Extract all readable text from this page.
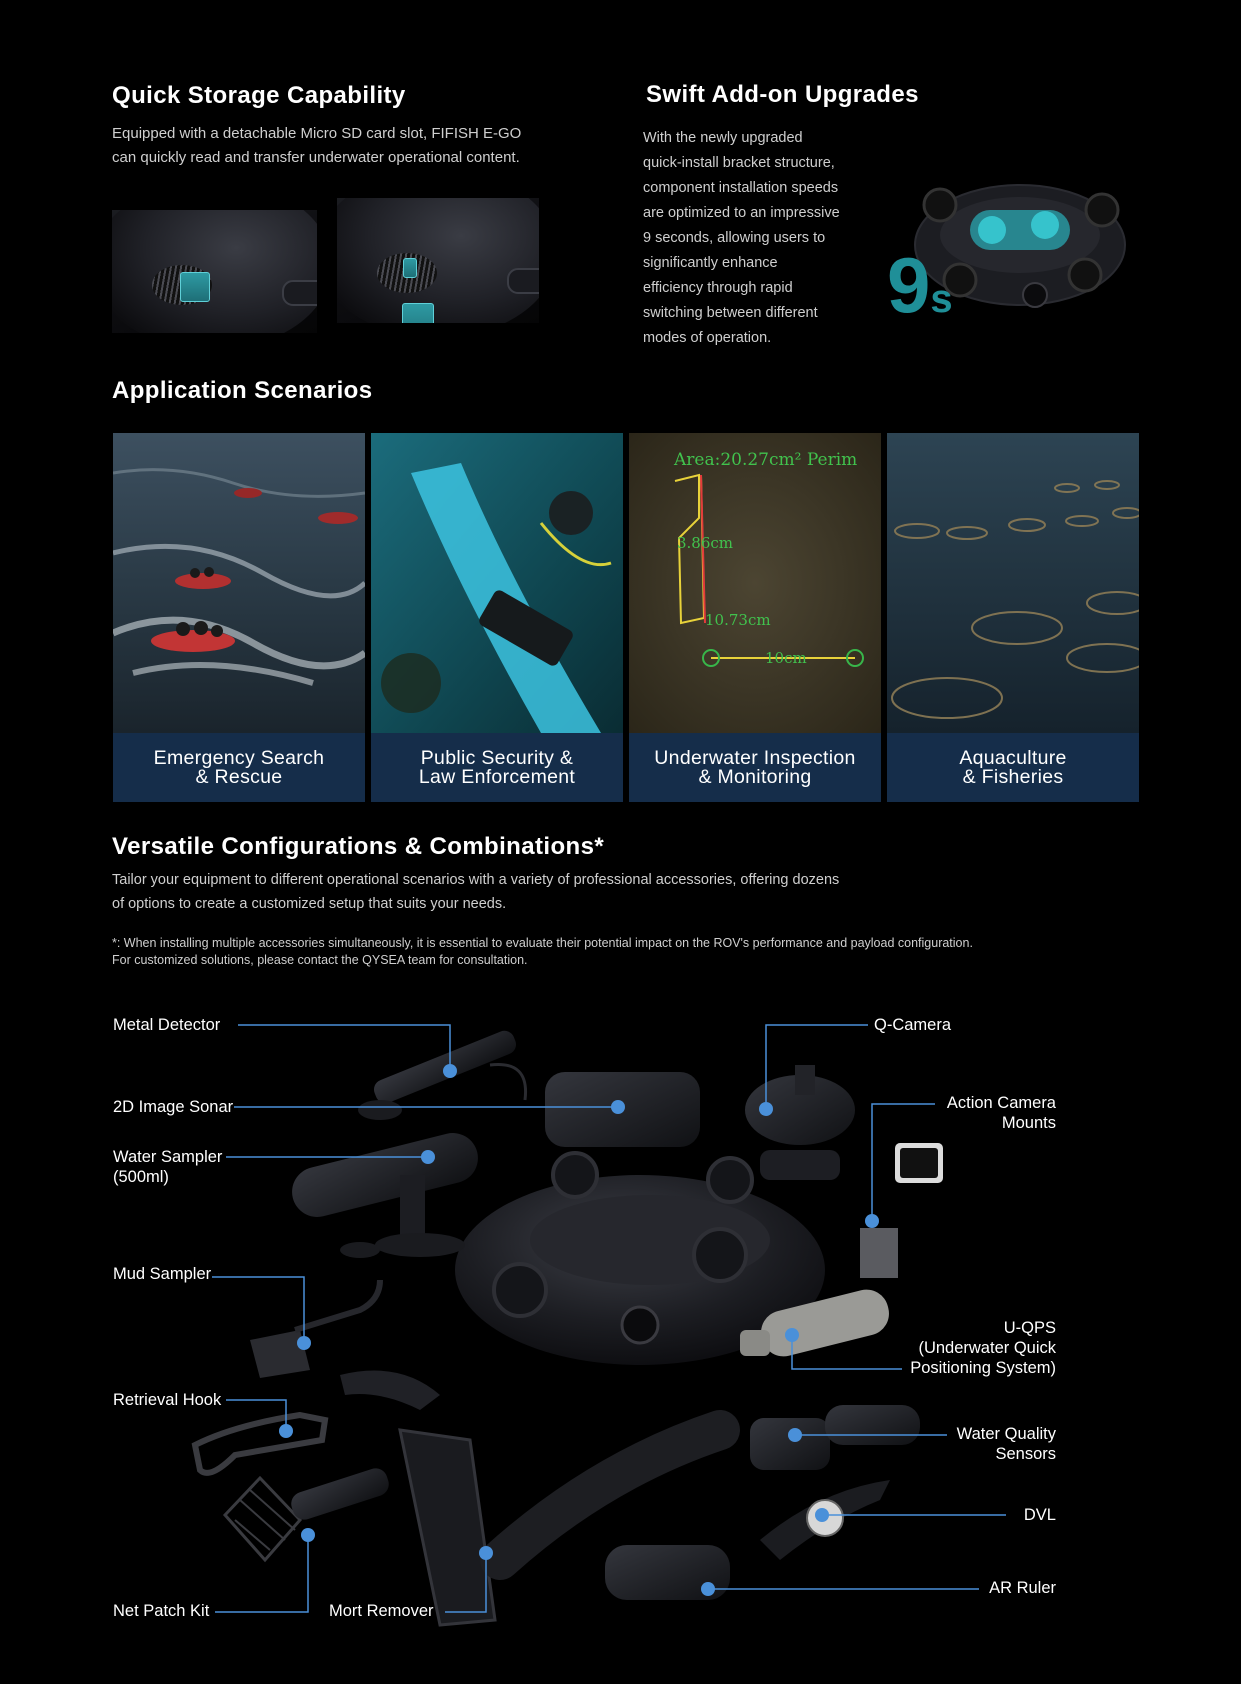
Quick Storage Capability
Equipped with a detachable Micro SD card slot, FIFISH E-GO
can quickly read and transfer underwater operational content.
Swift Add-on Upgrades
With the newly upgraded
quick-install bracket structure,
component installation speeds
are optimized to an impressive
9 seconds, allowing users to
significantly enhance
efficiency through rapid
switching between different
modes of operation.
9s
Application Scenarios
Emergency Search
& Rescue
Public Security &
Law Enforcement
Area:20.27cm² Perim
3.86cm
10.73cm
10cm
Underwater Inspection
& Monitoring
Aquaculture
& Fisheries
Versatile Configurations & Combinations*
Tailor your equipment to different operational scenarios with a variety of professional accessories, offering dozens
of options to create a customized setup that suits your needs.
*: When installing multiple accessories simultaneously, it is essential to evaluate their potential impact on the ROV's performance and payload configuration.
For customized solutions, please contact the QYSEA team for consultation.
Metal Detector
2D Image Sonar
Water Sampler
(500ml)
Mud Sampler
Retrieval Hook
Net Patch Kit	Mort Remover
Q-Camera
Action Camera
Mounts
U-QPS
(Underwater Quick
Positioning System)
Water Quality
Sensors
DVL
AR Ruler
